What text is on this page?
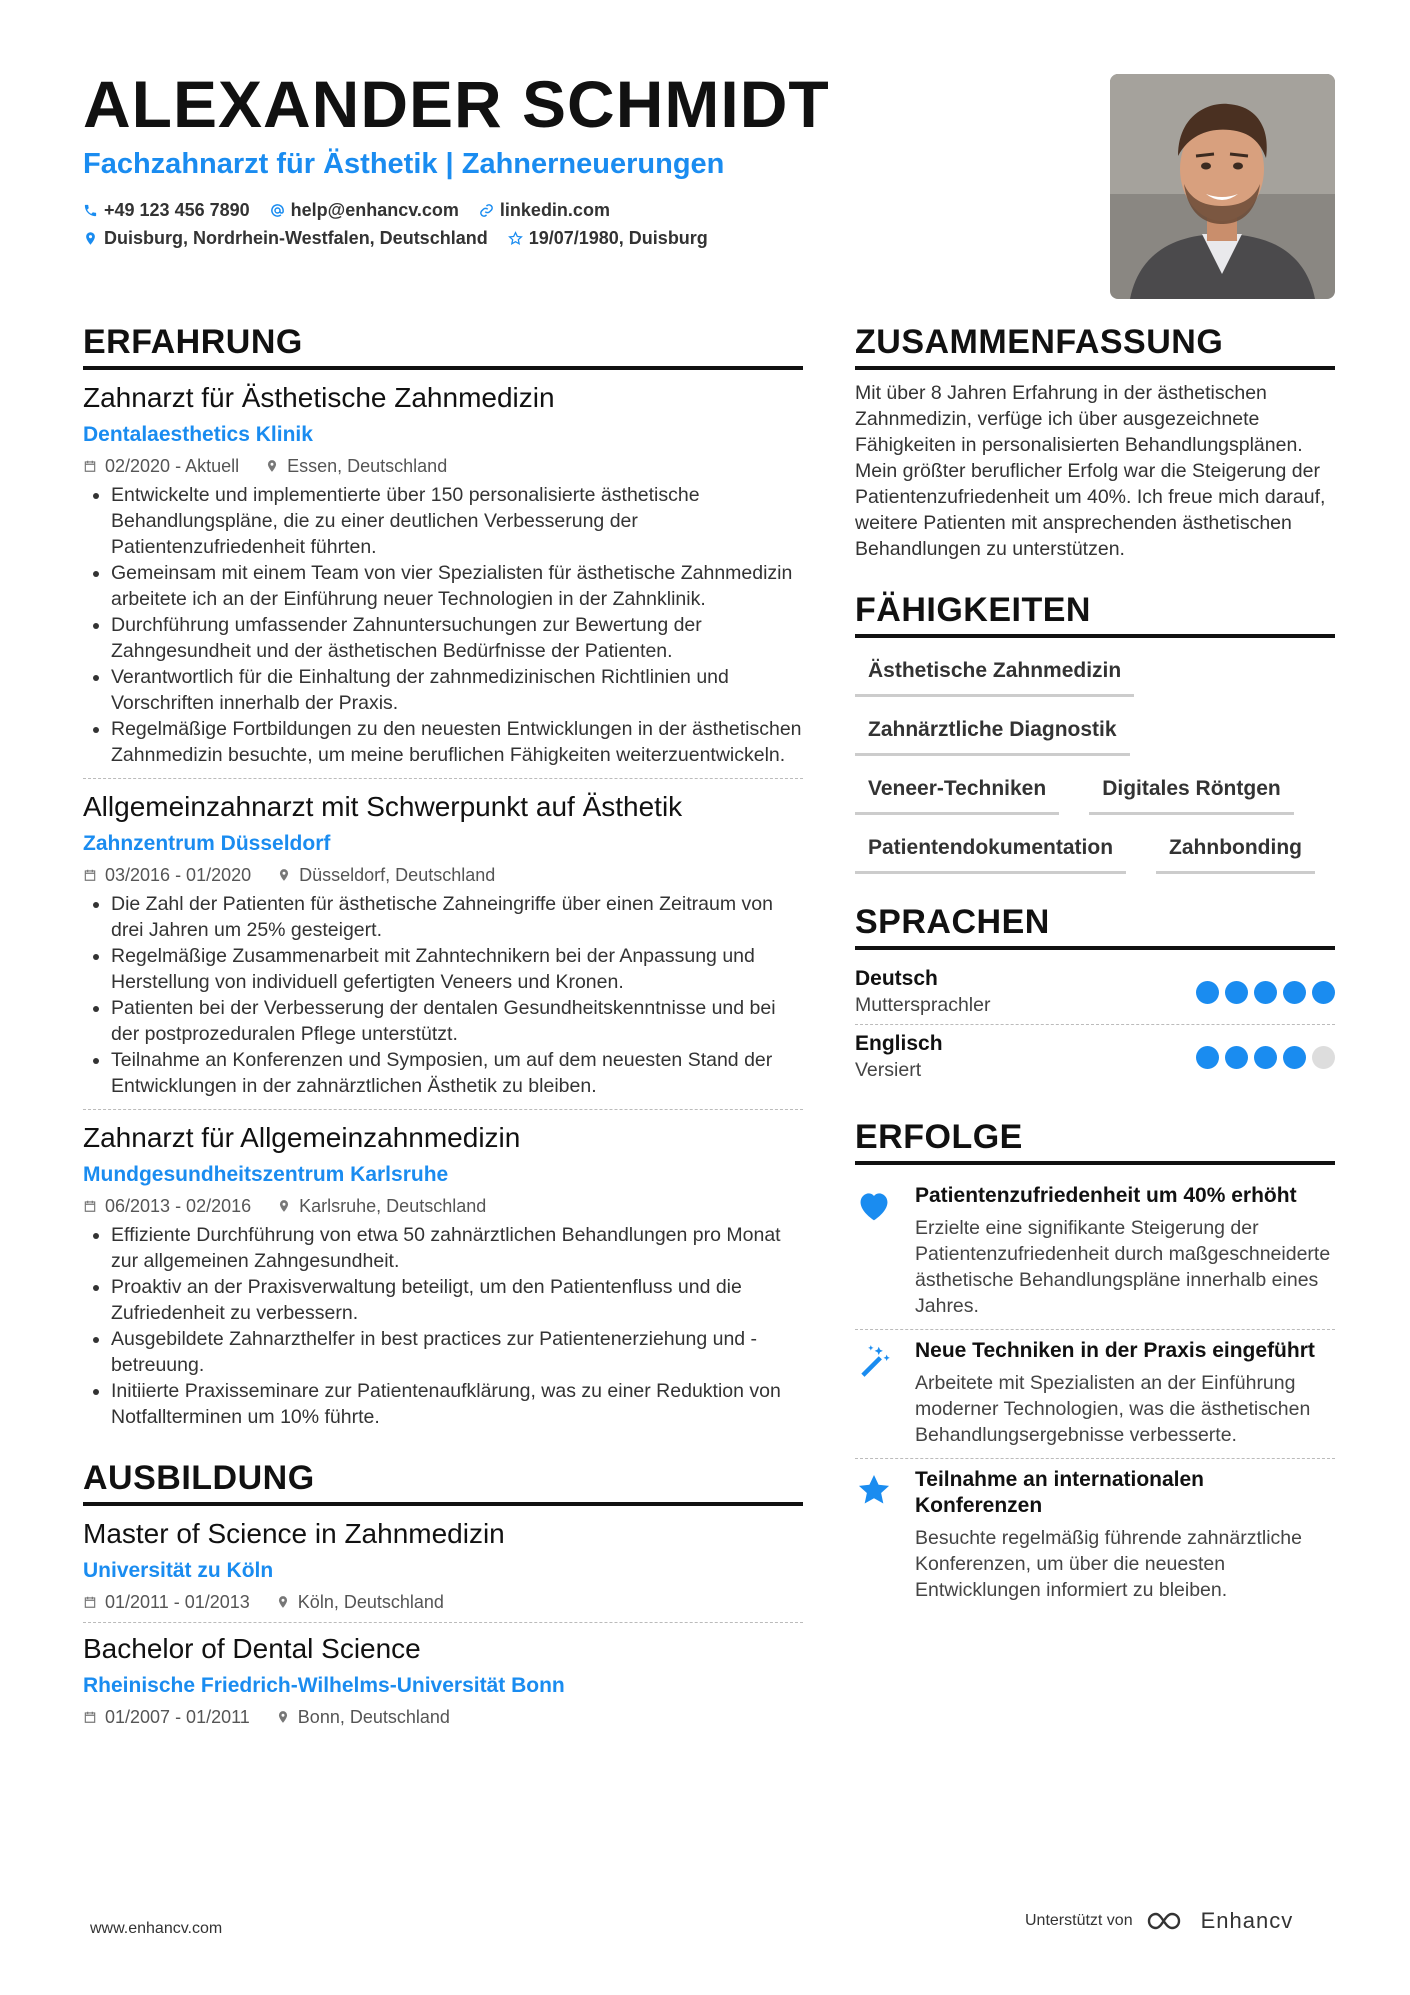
ALEXANDER SCHMIDT
Fachzahnarzt für Ästhetik | Zahnerneuerungen
+49 123 456 7890 help@enhancv.com linkedin.com
Duisburg, Nordrhein-Westfalen, Deutschland 19/07/1980, Duisburg
ERFAHRUNG
Zahnarzt für Ästhetische Zahnmedizin
Dentalaesthetics Klinik
02/2020 - Aktuell	Essen, Deutschland
• Entwickelte und implementierte über 150 personalisierte ästhetische Behandlungspläne, die zu einer deutlichen Verbesserung der Patientenzufriedenheit führten.
• Gemeinsam mit einem Team von vier Spezialisten für ästhetische Zahnmedizin arbeitete ich an der Einführung neuer Technologien in der Zahnklinik.
• Durchführung umfassender Zahnuntersuchungen zur Bewertung der Zahngesundheit und der ästhetischen Bedürfnisse der Patienten.
• Verantwortlich für die Einhaltung der zahnmedizinischen Richtlinien und Vorschriften innerhalb der Praxis.
• Regelmäßige Fortbildungen zu den neuesten Entwicklungen in der ästhetischen Zahnmedizin besuchte, um meine beruflichen Fähigkeiten weiterzuentwickeln.
Allgemeinzahnarzt mit Schwerpunkt auf Ästhetik
Zahnzentrum Düsseldorf
03/2016 - 01/2020	Düsseldorf, Deutschland
• Die Zahl der Patienten für ästhetische Zahneingriffe über einen Zeitraum von drei Jahren um 25% gesteigert.
• Regelmäßige Zusammenarbeit mit Zahntechnikern bei der Anpassung und Herstellung von individuell gefertigten Veneers und Kronen.
• Patienten bei der Verbesserung der dentalen Gesundheitskenntnisse und bei der postprozeduralen Pflege unterstützt.
• Teilnahme an Konferenzen und Symposien, um auf dem neuesten Stand der Entwicklungen in der zahnärztlichen Ästhetik zu bleiben.
Zahnarzt für Allgemeinzahnmedizin
Mundgesundheitszentrum Karlsruhe
06/2013 - 02/2016	Karlsruhe, Deutschland
• Effiziente Durchführung von etwa 50 zahnärztlichen Behandlungen pro Monat zur allgemeinen Zahngesundheit.
• Proaktiv an der Praxisverwaltung beteiligt, um den Patientenfluss und die Zufriedenheit zu verbessern.
• Ausgebildete Zahnarzthelfer in best practices zur Patientenerziehung und -betreuung.
• Initiierte Praxisseminare zur Patientenaufklärung, was zu einer Reduktion von Notfallterminen um 10% führte.
AUSBILDUNG
Master of Science in Zahnmedizin
Universität zu Köln
01/2011 - 01/2013	Köln, Deutschland
Bachelor of Dental Science
Rheinische Friedrich-Wilhelms-Universität Bonn
01/2007 - 01/2011	Bonn, Deutschland
ZUSAMMENFASSUNG

Mit über 8 Jahren Erfahrung in der ästhetischen Zahnmedizin, verfüge ich über ausgezeichnete Fähigkeiten in personalisierten Behandlungsplänen. Mein größter beruflicher Erfolg war die Steigerung der Patientenzufriedenheit um 40%. Ich freue mich darauf, weitere Patienten mit ansprechenden ästhetischen Behandlungen zu unterstützen.

FÄHIGKEITEN
Ästhetische Zahnmedizin
Zahnärztliche Diagnostik
Veneer-Techniken	Digitales Röntgen
Patientendokumentation	Zahnbonding
SPRACHEN
Deutsch
Muttersprachler
Englisch
Versiert
ERFOLGE
Patientenzufriedenheit um 40% erhöht
Erzielte eine signifikante Steigerung der Patientenzufriedenheit durch maßgeschneiderte ästhetische Behandlungspläne innerhalb eines Jahres.
Neue Techniken in der Praxis eingeführt
Arbeitete mit Spezialisten an der Einführung moderner Technologien, was die ästhetischen Behandlungsergebnisse verbesserte.
Teilnahme an internationalen Konferenzen
Besuchte regelmäßig führende zahnärztliche Konferenzen, um über die neuesten Entwicklungen informiert zu bleiben.
www.enhancv.com	Unterstützt von	Enhancv
